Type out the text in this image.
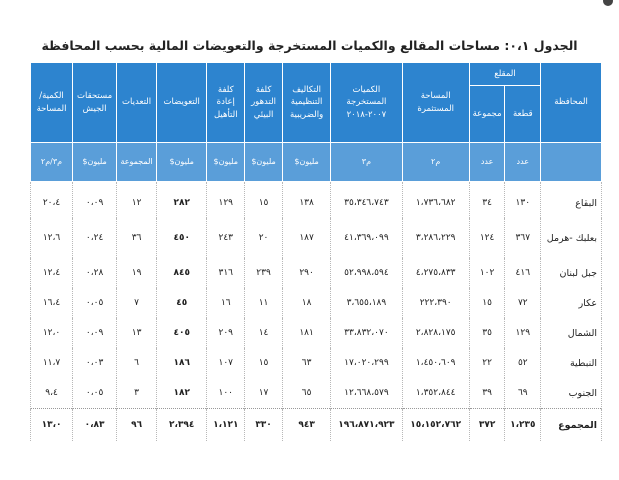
الجدول ٠،١: مساحات المقالع والكميات المستخرجة والتعويضات المالية بحسب المحافظة
المحافظة	المقلع		المساحة المستثمرة	الكميات المستخرجة ٢٠٠٧-٢٠١٨	التكاليف التنظيمية والضريبية	كلفة التدهور البيئي	كلفة إعادة التأهيل	التعويضات	التعديات	مستحقات الجيش	الكمية/ المساحة
	قطعة	مجموعة									
	عدد	عدد	م٢	م٣	مليون$	مليون$	مليون$	مليون$	المجموعة	مليون$	م٣/م٢
البقاع	١٣٠	٣٤	١،٧٣٦،٦٨٢	٣٥،٣٤٦،٧٤٣	١٣٨	١٥	١٢٩	٢٨٢	١٢	٠،٠٩	٢٠،٤
بعلبك -هرمل	٣٦٧	١٢٤	٣،٢٨٦،٢٢٩	٤١،٣٦٩،٠٩٩	١٨٧	٢٠	٢٤٣	٤٥٠	٣٦	٠،٢٤	١٢،٦
جبل لبنان	٤١٦	١٠٢	٤،٢٧٥،٨٣٣	٥٢،٩٩٨،٥٩٤	٢٩٠	٢٣٩	٣١٦	٨٤٥	١٩	٠،٢٨	١٢،٤
عكار	٧٢	١٥	٢٢٢،٣٩٠	٣،٦٥٥،١٨٩	١٨	١١	١٦	٤٥	٧	٠،٠٥	١٦،٤
الشمال	١٢٩	٣٥	٢،٨٢٨،١٧٥	٣٣،٨٣٢،٠٧٠	١٨١	١٤	٢٠٩	٤٠٥	١٣	٠،٠٩	١٢،٠
النبطية	٥٢	٢٢	١،٤٥٠،٦٠٩	١٧،٠٢٠،٢٩٩	٦٣	١٥	١٠٧	١٨٦	٦	٠،٠٣	١١،٧
الجنوب	٦٩	٣٩	١،٣٥٢،٨٤٤	١٢،٦٦٨،٥٧٩	٦٥	١٧	١٠٠	١٨٢	٣	٠،٠٥	٩،٤
المجموع	١،٢٣٥	٣٧٢	١٥،١٥٢،٧٦٢	١٩٦،٨٧١،٩٢٣	٩٤٣	٣٣٠	١،١٢١	٢،٣٩٤	٩٦	٠،٨٣	١٣،٠
